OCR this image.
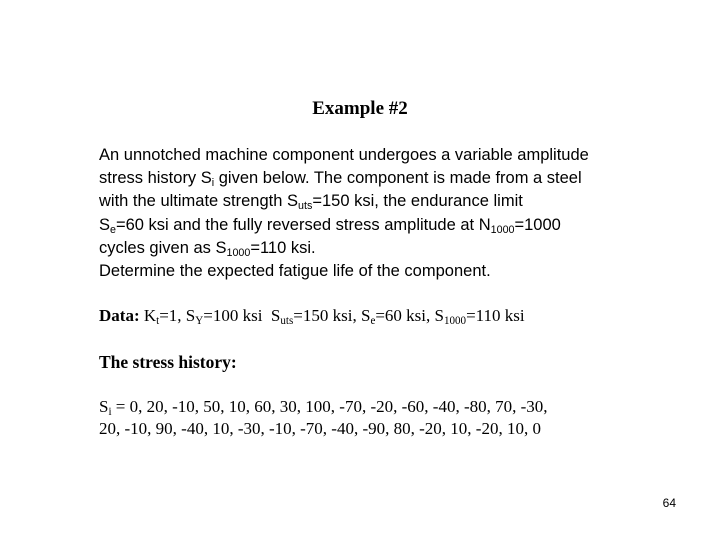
Example #2
An unnotched machine component undergoes a variable amplitude
stress history $S_i$ given below. The component is made from a steel
with the ultimate strength $S_{uts}=150$ ksi, the endurance limit
$S_e=60$ ksi and the fully reversed stress amplitude at $N_{1000}=1000$
cycles given as $S_{1000}=110$ ksi.
Determine the expected fatigue life of the component.
Data: $K_t=1$, $S_Y=100$ ksi  $S_{uts}=150$ ksi, $S_e=60$ ksi, $S_{1000}=110$ ksi
The stress history:
$S_i = 0$, 20, -10, 50, 10, 60, 30, 100, -70, -20, -60, -40, -80, 70, -30,
20, -10, 90, -40, 10, -30, -10, -70, -40, -90, 80, -20, 10, -20, 10, 0
64
